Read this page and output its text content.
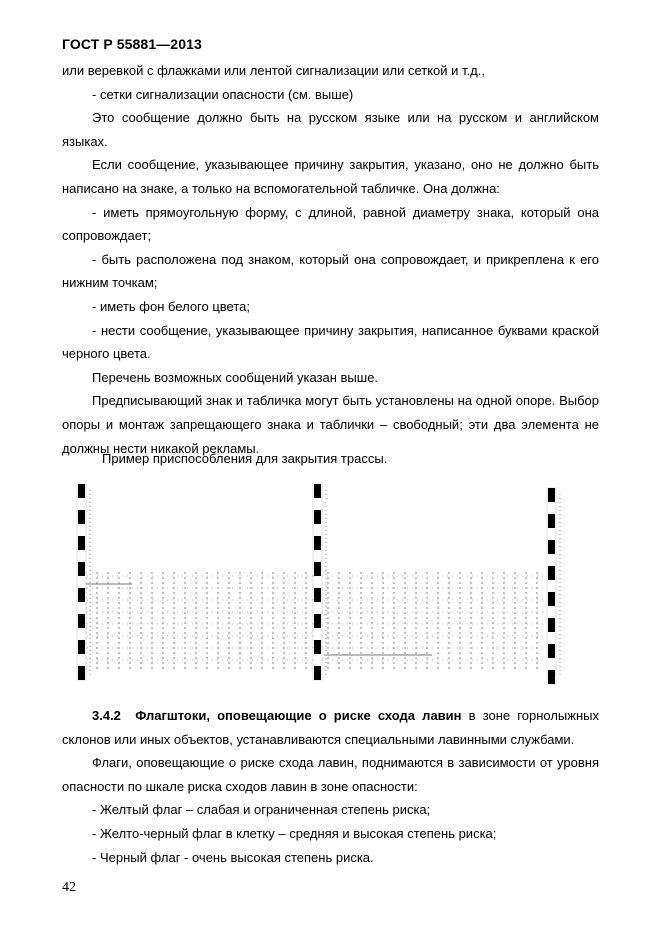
ГОСТ Р 55881—2013

или веревкой с флажками или лентой сигнализации или сеткой и т.д.,

- сетки сигнализации опасности (см. выше)

Это сообщение должно быть на русском языке или на русском и английском языках.

Если сообщение, указывающее причину закрытия, указано, оно не должно быть написано на знаке, а только на вспомогательной табличке. Она должна:

- иметь прямоугольную форму, с длиной, равной диаметру знака, который она сопровождает;

- быть расположена под знаком, который она сопровождает, и прикреплена к его нижним точкам;

- иметь фон белого цвета;

- нести сообщение, указывающее причину закрытия, написанное буквами краской черного цвета.

Перечень возможных сообщений указан выше.

Предписывающий знак и табличка могут быть установлены на одной опоре. Выбор опоры и монтаж запрещающего знака и таблички – свободный; эти два элемента не должны нести никакой рекламы.

Пример приспособления для закрытия трассы.

3.4.2 Флагштоки, оповещающие о риске схода лавин в зоне горнолыжных склонов или иных объектов, устанавливаются специальными лавинными службами.

Флаги, оповещающие о риске схода лавин, поднимаются в зависимости от уровня опасности по шкале риска сходов лавин в зоне опасности:

- Желтый флаг – слабая и ограниченная степень риска;

- Желто-черный флаг в клетку – средняя и высокая степень риска;

- Черный флаг - очень высокая степень риска.

42
